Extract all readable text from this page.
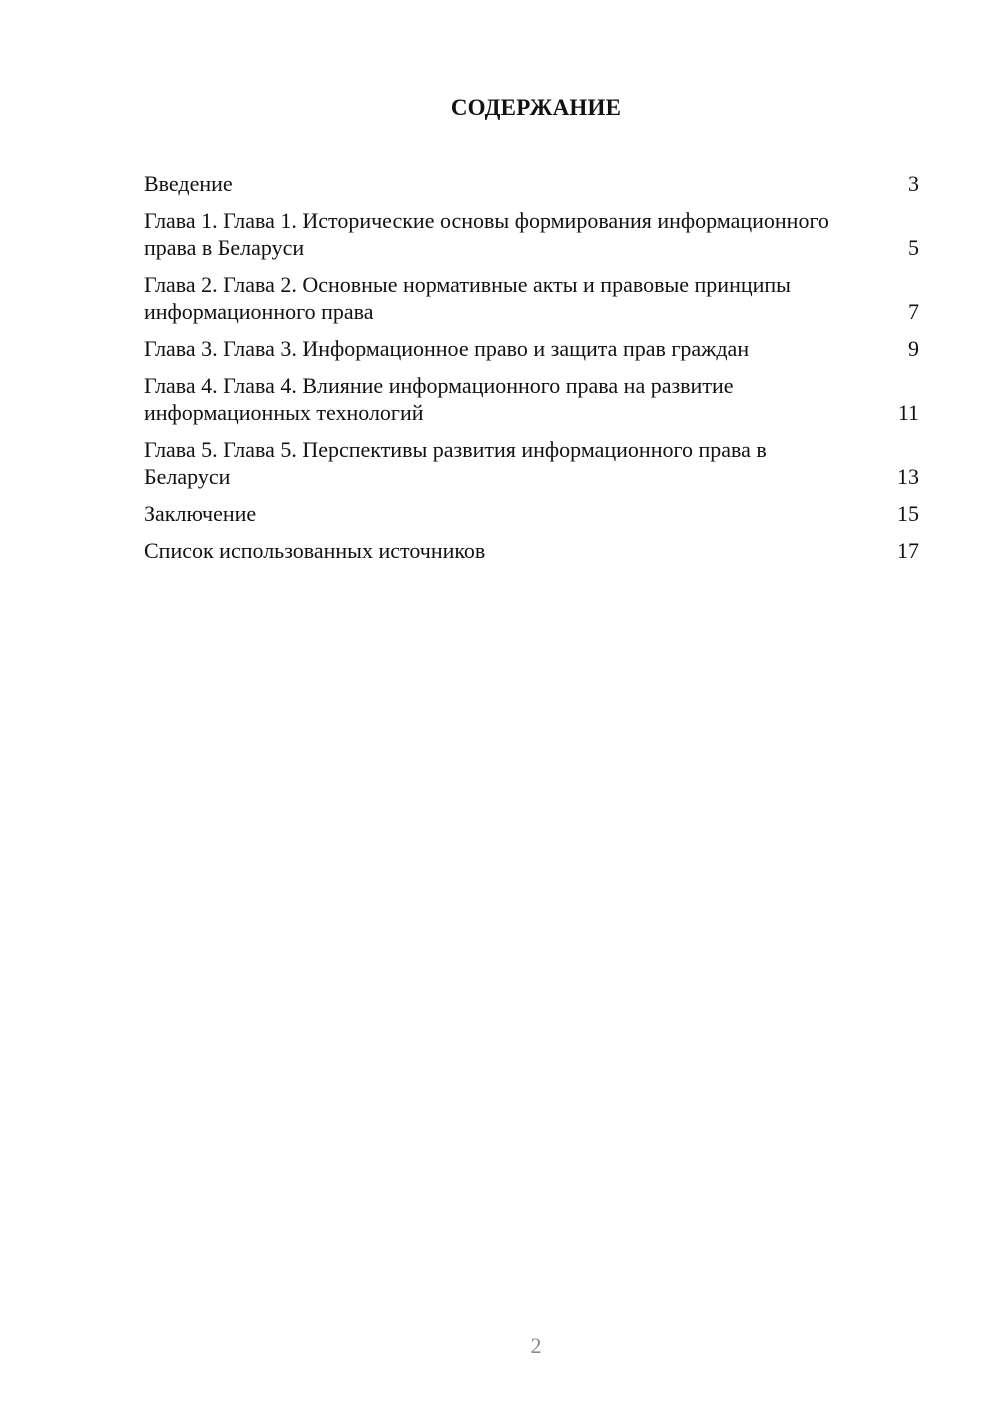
СОДЕРЖАНИЕ
Введение	3
Глава 1. Глава 1. Исторические основы формирования информационного права в Беларуси	5
Глава 2. Глава 2. Основные нормативные акты и правовые принципы информационного права	7
Глава 3. Глава 3. Информационное право и защита прав граждан	9
Глава 4. Глава 4. Влияние информационного права на развитие информационных технологий	11
Глава 5. Глава 5. Перспективы развития информационного права в Беларуси	13
Заключение	15
Список использованных источников	17
2
